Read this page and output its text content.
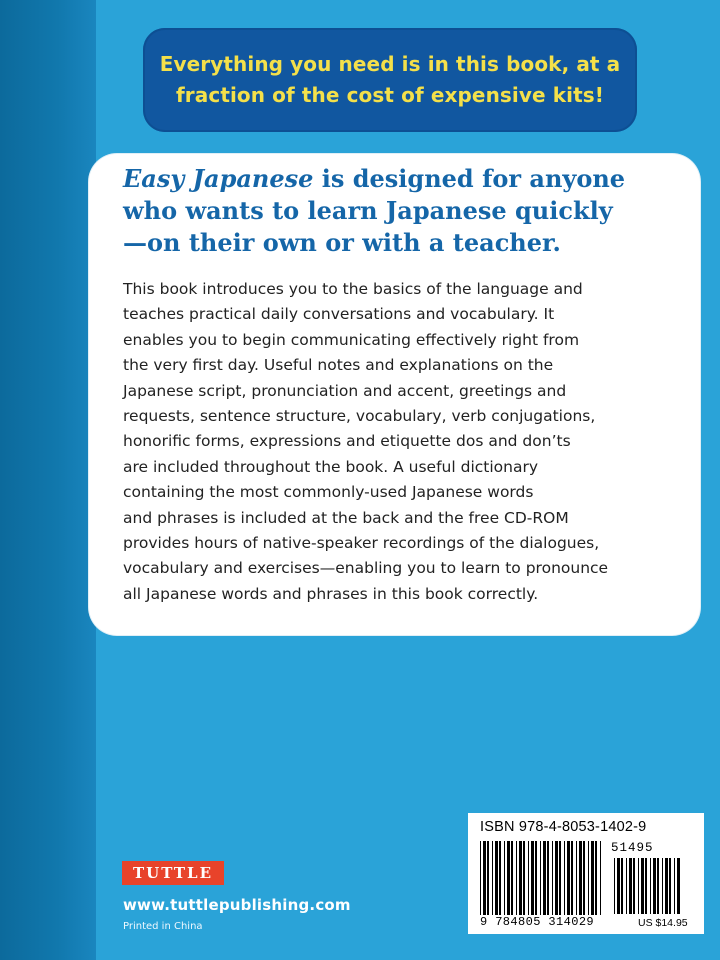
Everything you need is in this book, at a
fraction of the cost of expensive kits!
Easy Japanese is designed for anyone
who wants to learn Japanese quickly
—on their own or with a teacher.
This book introduces you to the basics of the language and
teaches practical daily conversations and vocabulary. It
enables you to begin communicating effectively right from
the very first day. Useful notes and explanations on the
Japanese script, pronunciation and accent, greetings and
requests, sentence structure, vocabulary, verb conjugations,
honorific forms, expressions and etiquette dos and don’ts
are included throughout the book. A useful dictionary
containing the most commonly-used Japanese words
and phrases is included at the back and the free CD-ROM
provides hours of native-speaker recordings of the dialogues,
vocabulary and exercises—enabling you to learn to pronounce
all Japanese words and phrases in this book correctly.
TUTTLE
www.tuttlepublishing.com
Printed in China
ISBN 978-4-8053-1402-9
51495
9 784805 314029	US $14.95
